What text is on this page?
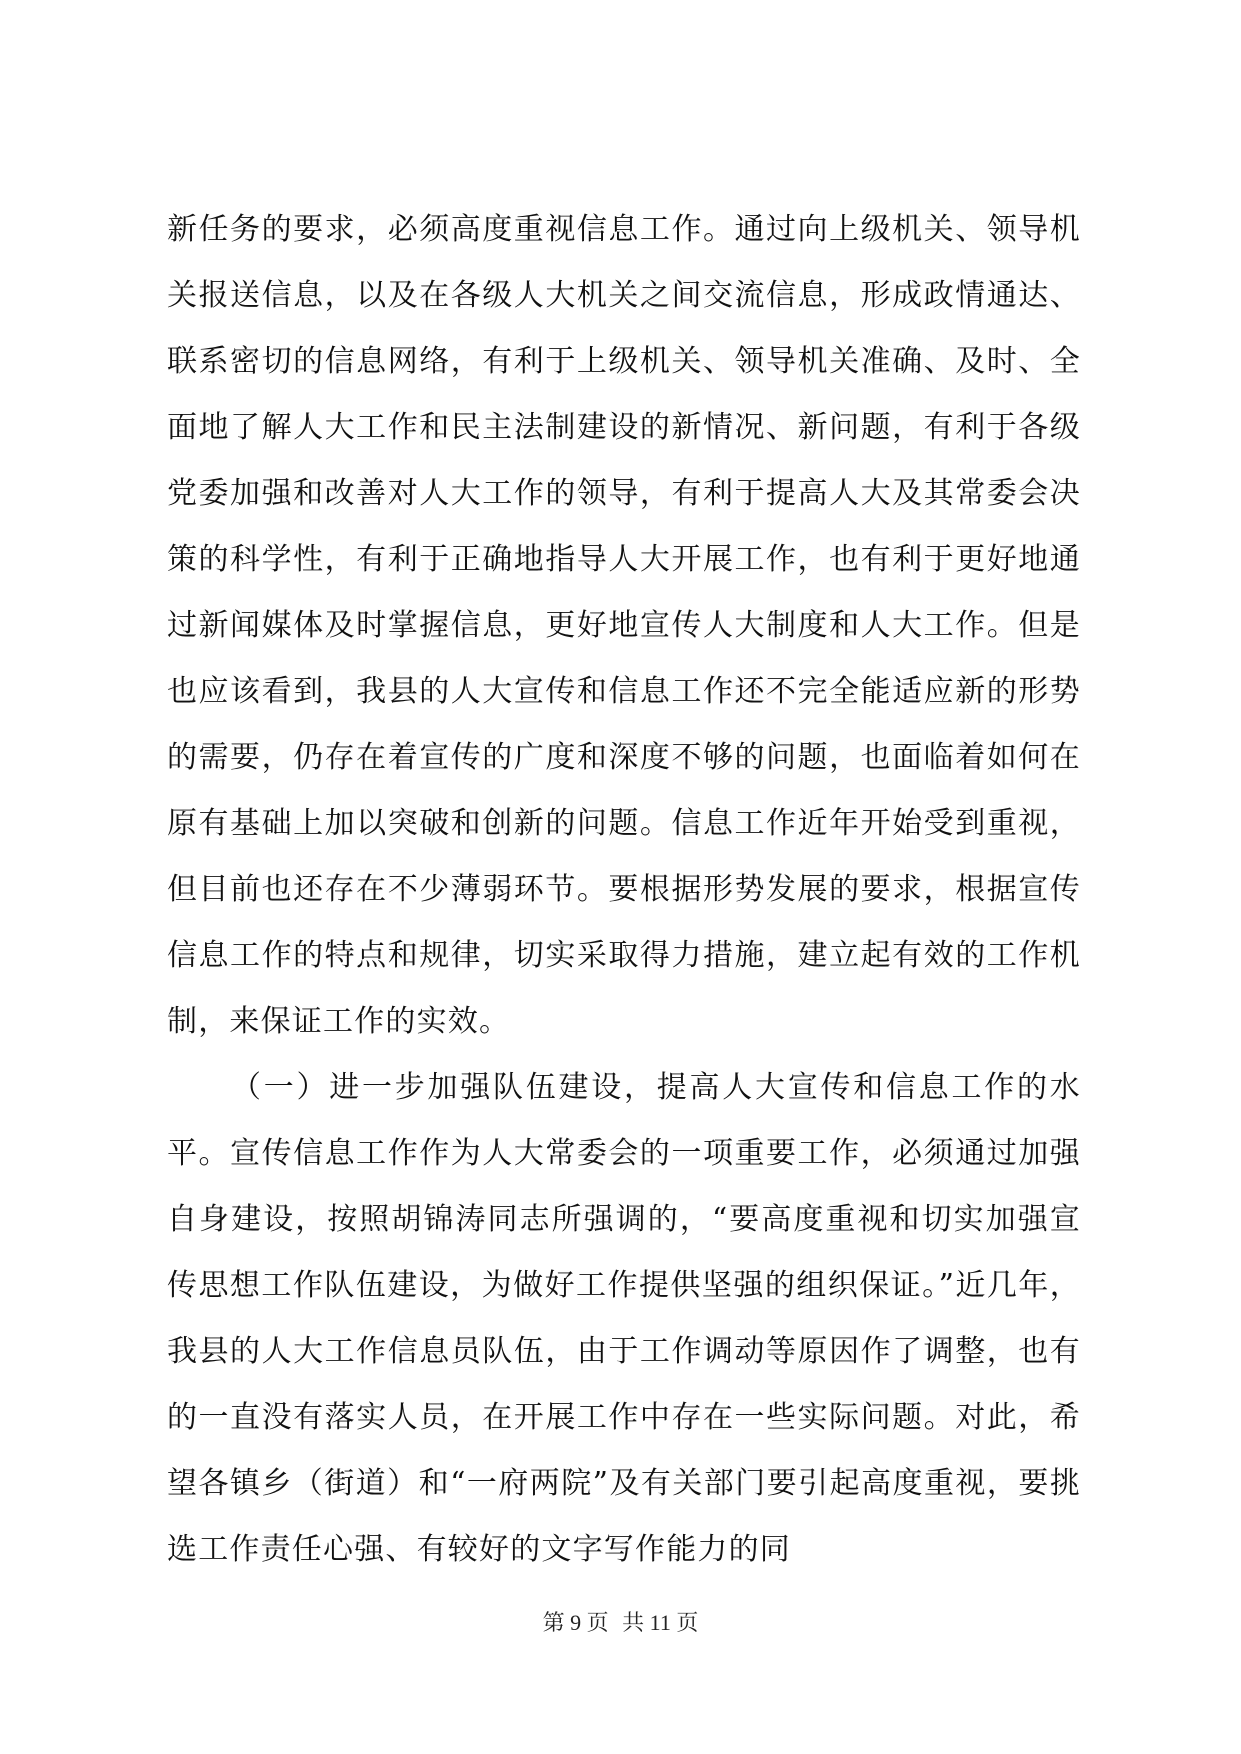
新任务的要求，必须高度重视信息工作。通过向上级机关、领导机关报送信息，以及在各级人大机关之间交流信息，形成政情通达、联系密切的信息网络，有利于上级机关、领导机关准确、及时、全面地了解人大工作和民主法制建设的新情况、新问题，有利于各级党委加强和改善对人大工作的领导，有利于提高人大及其常委会决策的科学性，有利于正确地指导人大开展工作，也有利于更好地通过新闻媒体及时掌握信息，更好地宣传人大制度和人大工作。但是也应该看到，我县的人大宣传和信息工作还不完全能适应新的形势的需要，仍存在着宣传的广度和深度不够的问题，也面临着如何在原有基础上加以突破和创新的问题。信息工作近年开始受到重视，但目前也还存在不少薄弱环节。要根据形势发展的要求，根据宣传信息工作的特点和规律，切实采取得力措施，建立起有效的工作机制，来保证工作的实效。

（一）进一步加强队伍建设，提高人大宣传和信息工作的水平。宣传信息工作作为人大常委会的一项重要工作，必须通过加强自身建设，按照胡锦涛同志所强调的，“要高度重视和切实加强宣传思想工作队伍建设，为做好工作提供坚强的组织保证。”近几年，我县的人大工作信息员队伍，由于工作调动等原因作了调整，也有的一直没有落实人员，在开展工作中存在一些实际问题。对此，希望各镇乡（街道）和“一府两院”及有关部门要引起高度重视，要挑选工作责任心强、有较好的文字写作能力的同

第 9 页 共 11 页
